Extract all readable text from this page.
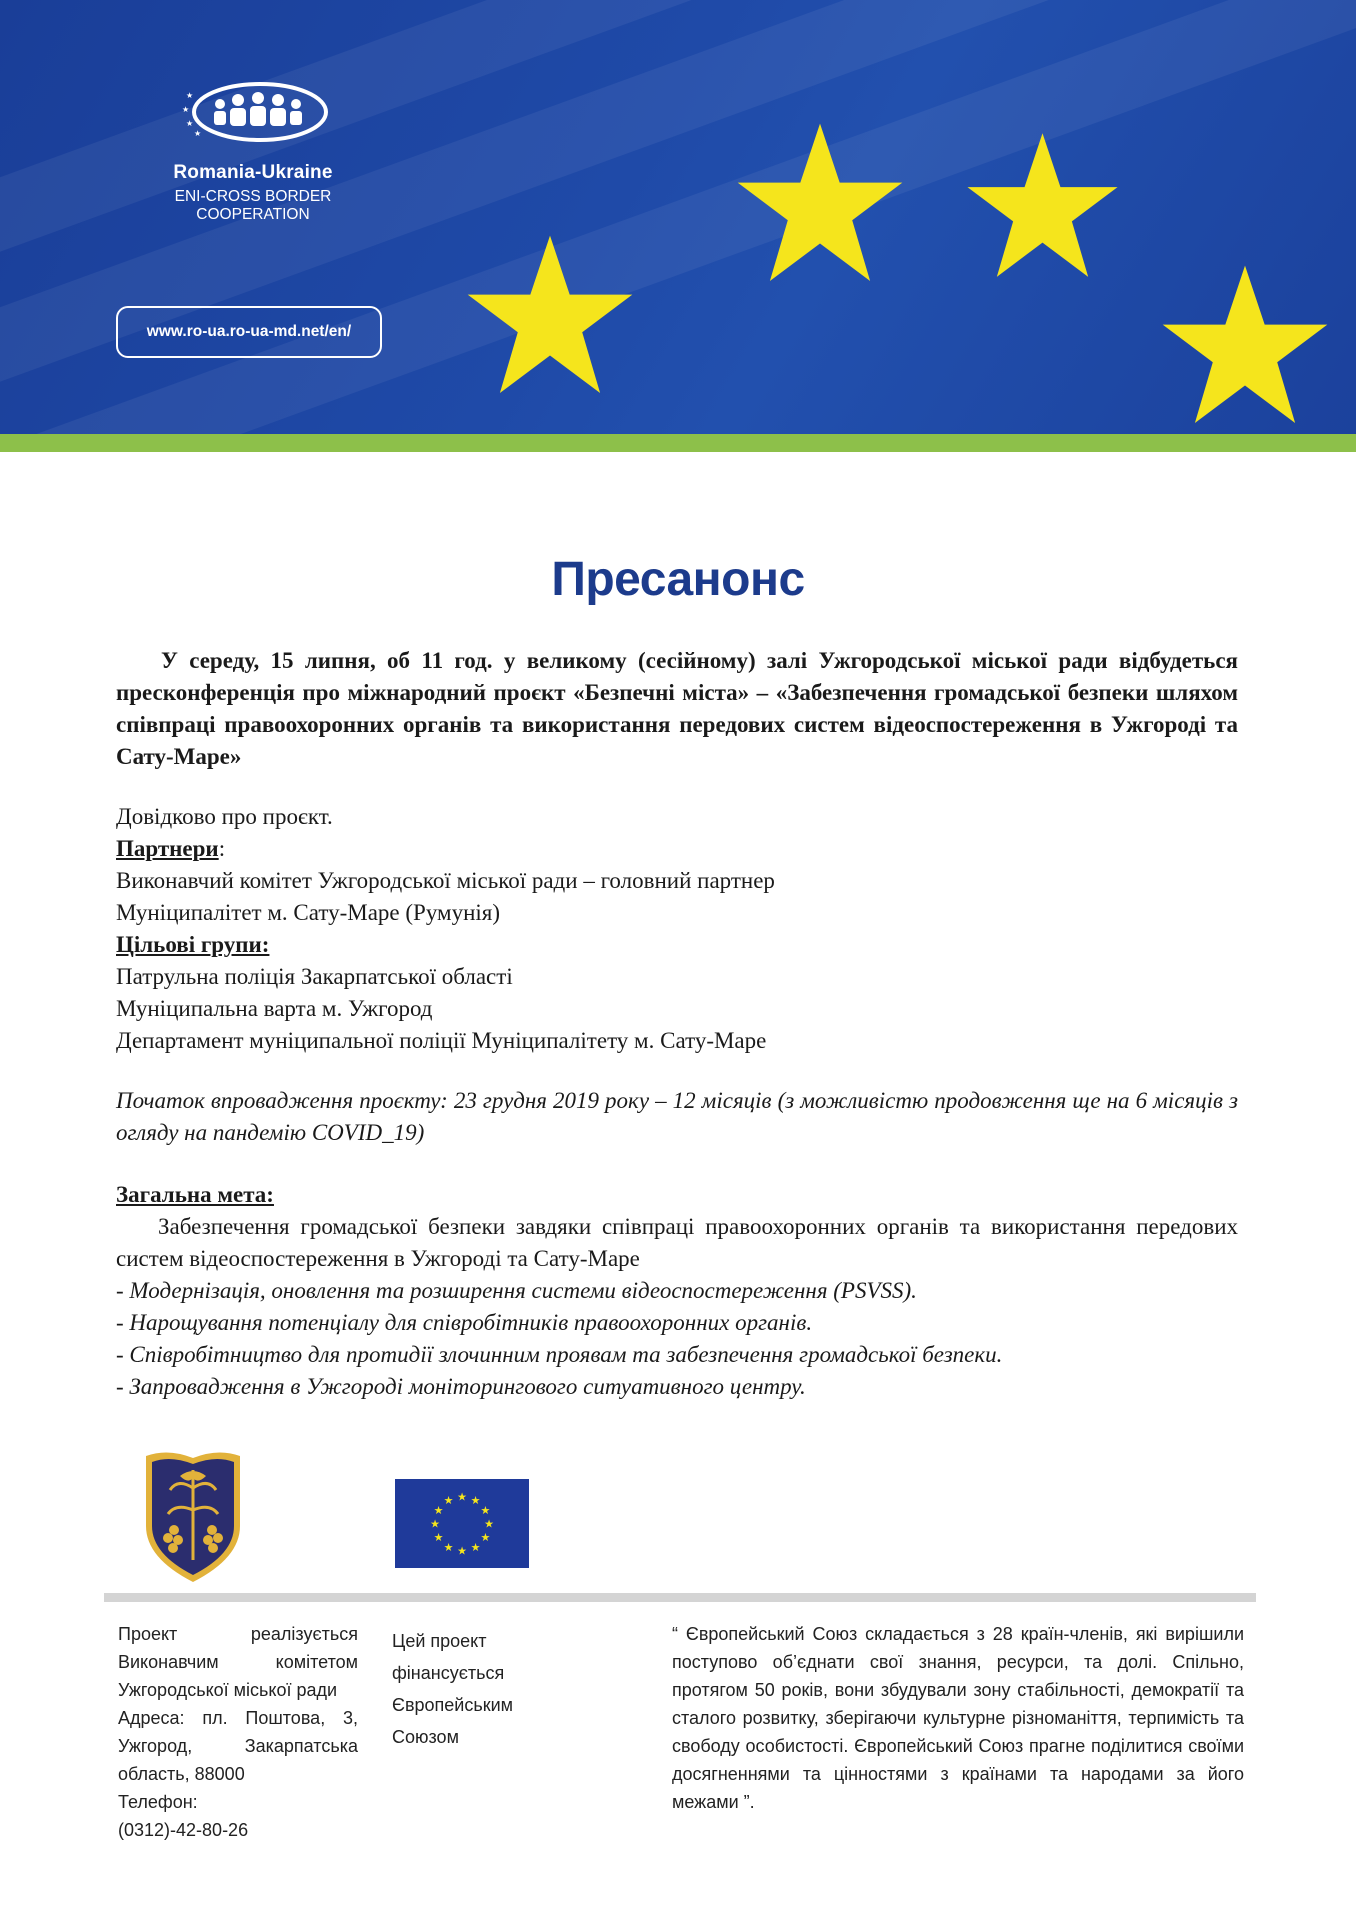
★
★
★
★
Romania-Ukraine
ENI-CROSS BORDER COOPERATION
www.ro-ua.ro-ua-md.net/en/
Пресанонс
У середу, 15 липня, об 11 год. у великому (сесійному) залі Ужгородської міської ради відбудеться пресконференція про міжнародний проєкт «Безпечні міста» – «Забезпечення громадської безпеки шляхом співпраці правоохоронних органів та використання передових систем відеоспостереження в Ужгороді та Сату-Маре»
Довідково про проєкт.
Партнери:
Виконавчий комітет Ужгородської міської ради – головний партнер
Муніципалітет м. Сату-Маре (Румунія)
Цільові групи:
Патрульна поліція Закарпатської області
Муніципальна варта м. Ужгород
Департамент муніципальної поліції Муніципалітету м. Сату-Маре
Початок впровадження проєкту: 23 грудня 2019 року – 12 місяців (з можливістю продовження ще на 6 місяців з огляду на пандемію COVID_19)
Загальна мета:
Забезпечення громадської безпеки завдяки співпраці правоохоронних органів та використання передових систем відеоспостереження в Ужгороді та Сату-Маре
- Модернізація, оновлення та розширення системи відеоспостереження (PSVSS).
- Нарощування потенціалу для співробітників правоохоронних органів.
- Співробітництво для протидії злочинним проявам та забезпечення громадської безпеки.
- Запровадження в Ужгороді моніторингового ситуативного центру.
★ ★
★
★
★
★
★
★
★
★
★
★
Проект реалізується Виконавчим комітетом Ужгородської міської ради
Адреса: пл. Поштова, 3, Ужгород, Закарпатська область, 88000
Телефон:
(0312)-42-80-26
Цей проект
фінансується
Європейським
Союзом
“ Європейський Союз складається з 28 країн-членів, які вирішили поступово об’єднати свої знання, ресурси, та долі. Спільно, протягом 50 років, вони збудували зону стабільності, демократії та сталого розвитку, зберігаючи культурне різноманіття, терпимість та свободу особистості. Європейський Союз прагне поділитися своїми досягненнями та цінностями з країнами та народами за його межами ”.
